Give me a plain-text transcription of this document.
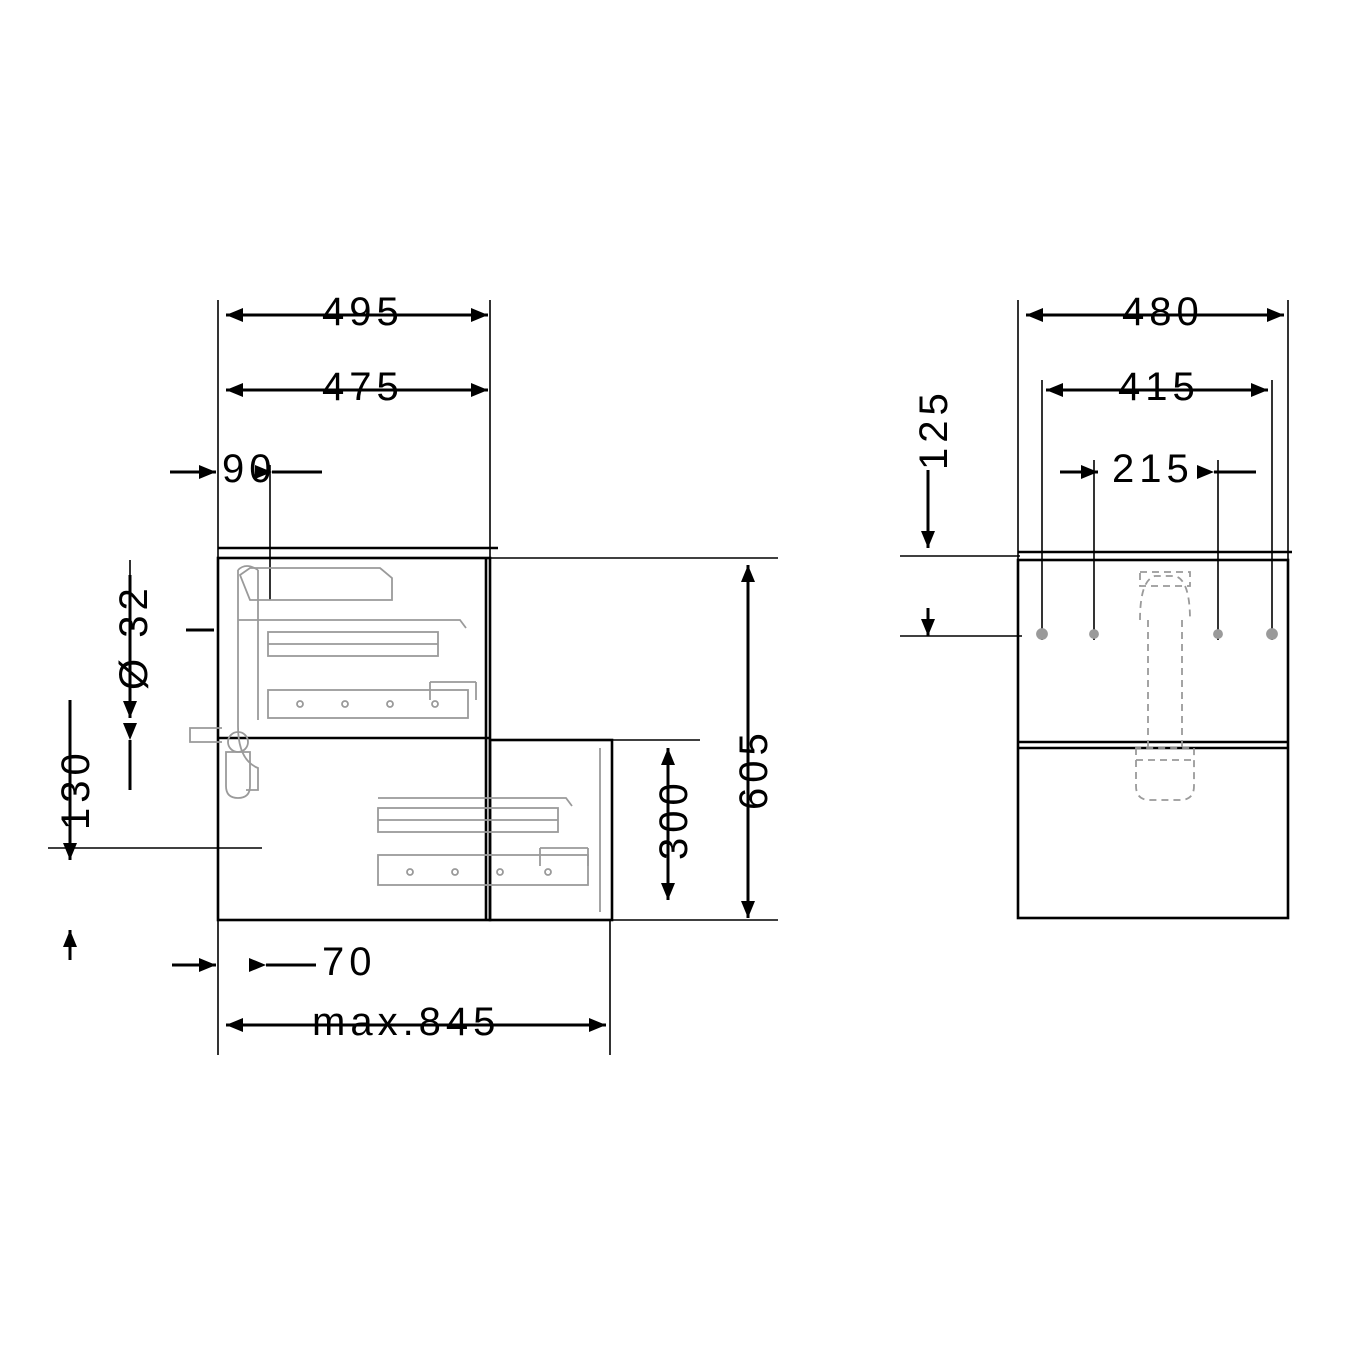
495
475
90
Ø 32
130	605
300
70
max.845
480
415
215
125
